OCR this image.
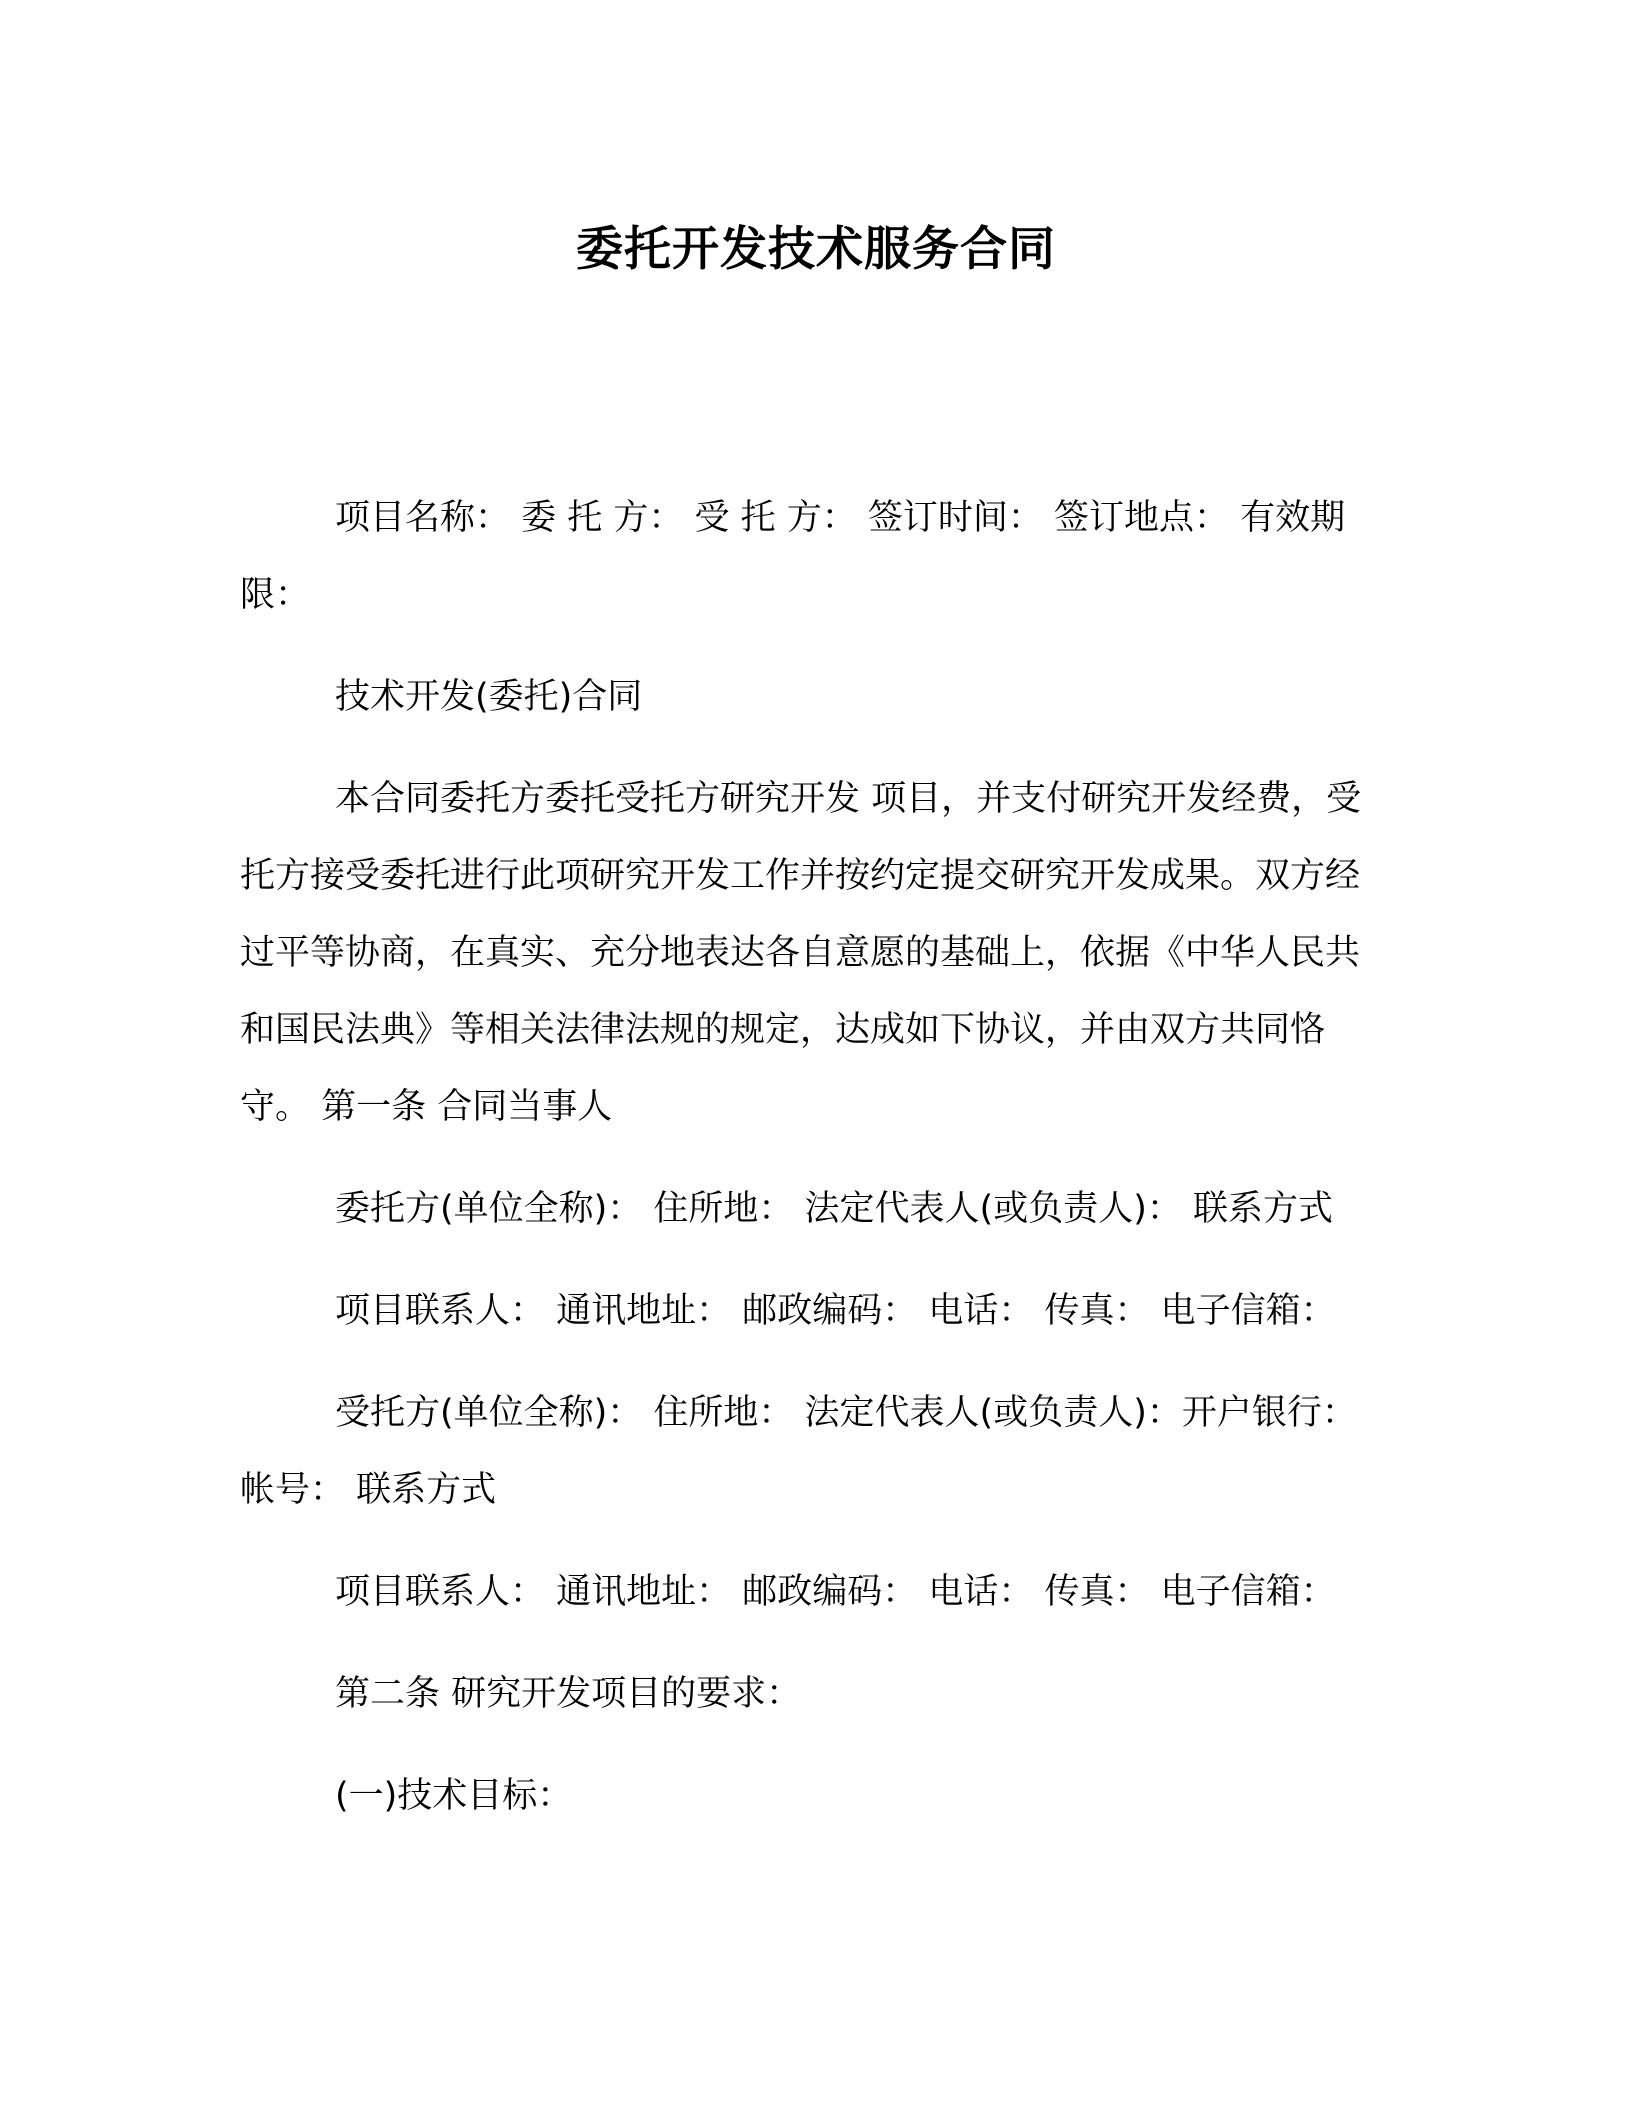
委托开发技术服务合同

项目名称： 委 托 方： 受 托 方： 签订时间： 签订地点： 有效期限：

技术开发(委托)合同

本合同委托方委托受托方研究开发 项目，并支付研究开发经费，受托方接受委托进行此项研究开发工作并按约定提交研究开发成果。双方经过平等协商，在真实、充分地表达各自意愿的基础上，依据《中华人民共和国民法典》等相关法律法规的规定，达成如下协议，并由双方共同恪守。 第一条 合同当事人

委托方(单位全称)： 住所地： 法定代表人(或负责人)： 联系方式

项目联系人： 通讯地址： 邮政编码： 电话： 传真： 电子信箱：

受托方(单位全称)： 住所地： 法定代表人(或负责人)：开户银行：帐号： 联系方式

项目联系人： 通讯地址： 邮政编码： 电话： 传真： 电子信箱：

第二条 研究开发项目的要求：

(一)技术目标：
